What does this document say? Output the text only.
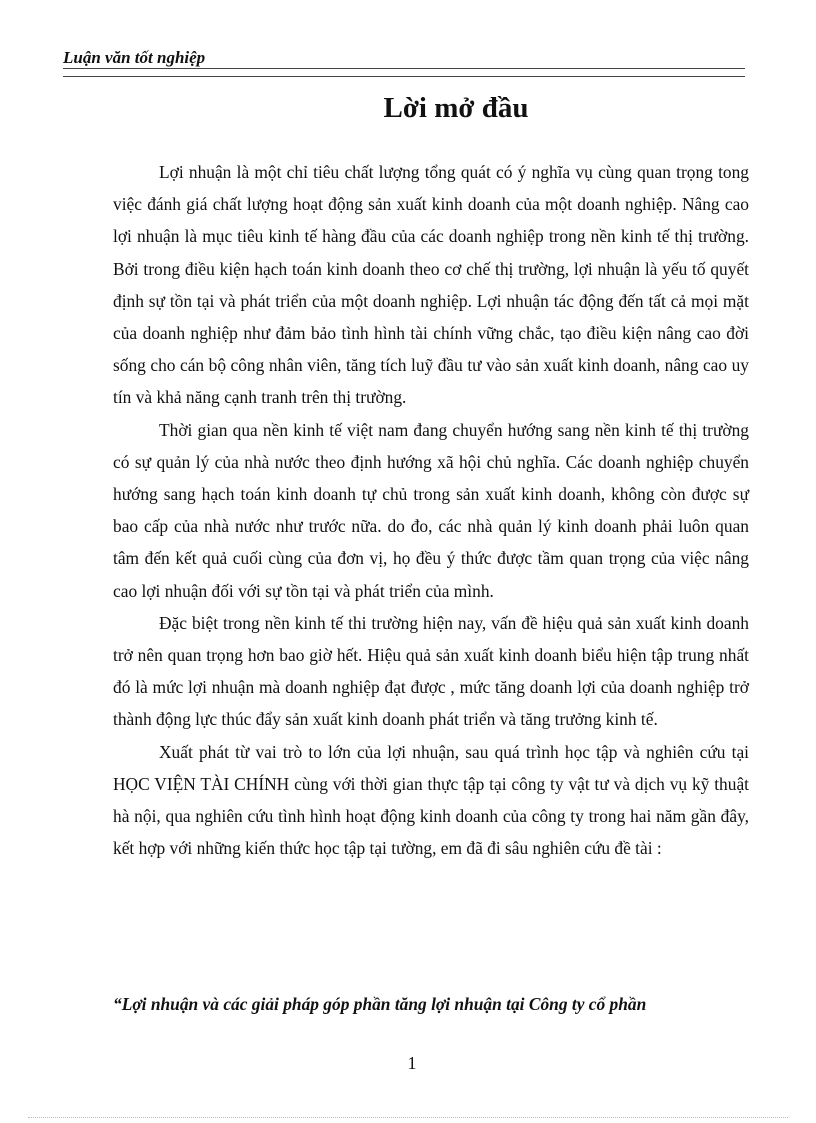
Luận văn tốt nghiệp
Lời mở đầu

Lợi nhuận là một chỉ tiêu chất lượng tổng quát có ý nghĩa vụ cùng quan trọng tong việc đánh giá chất lượng hoạt động sản xuất kinh doanh của một doanh nghiệp. Nâng cao lợi nhuận là mục tiêu kinh tế hàng đầu của các doanh nghiệp trong nền kinh tế thị trường. Bởi trong điều kiện hạch toán kinh doanh theo cơ chế thị trường, lợi nhuận là yếu tố quyết định sự tồn tại và phát triển của một doanh nghiệp. Lợi nhuận tác động đến tất cả mọi mặt của doanh nghiệp như đảm bảo tình hình tài chính vững chắc, tạo điều kiện nâng cao đời sống cho cán bộ công nhân viên, tăng tích luỹ đầu tư vào sản xuất kinh doanh, nâng cao uy tín và khả năng cạnh tranh trên thị trường.

Thời gian qua nền kinh tế việt nam đang chuyển hướng sang nền kinh tế thị trường có sự quản lý của nhà nước theo định hướng xã hội chủ nghĩa. Các doanh nghiệp chuyển hướng sang hạch toán kinh doanh tự chủ trong sản xuất kinh doanh, không còn được sự bao cấp của nhà nước như trước nữa. do đo, các nhà quản lý kinh doanh phải luôn quan tâm đến kết quả cuối cùng của đơn vị, họ đều ý thức được tầm quan trọng của việc nâng cao lợi nhuận đối với sự tồn tại và phát triển của mình.

Đặc biệt trong nền kinh tế thi trường hiện nay, vấn đề hiệu quả sản xuất kinh doanh trở nên quan trọng hơn bao giờ hết. Hiệu quả sản xuất kinh doanh biểu hiện tập trung nhất đó là mức lợi nhuận mà doanh nghiệp đạt được , mức tăng doanh lợi của doanh nghiệp trở thành động lực thúc đẩy sản xuất kinh doanh phát triển và tăng trưởng kinh tế.

Xuất phát từ vai trò to lớn của lợi nhuận, sau quá trình học tập và nghiên cứu tại HỌC VIỆN TÀI CHÍNH cùng với thời gian thực tập tại công ty vật tư và dịch vụ kỹ thuật hà nội, qua nghiên cứu tình hình hoạt động kinh doanh của công ty trong hai năm gần đây, kết hợp với những kiến thức học tập tại tường, em đã đi sâu nghiên cứu đề tài :

“Lợi nhuận và các giải pháp góp phần tăng lợi nhuận tại Công ty cổ phần
1
